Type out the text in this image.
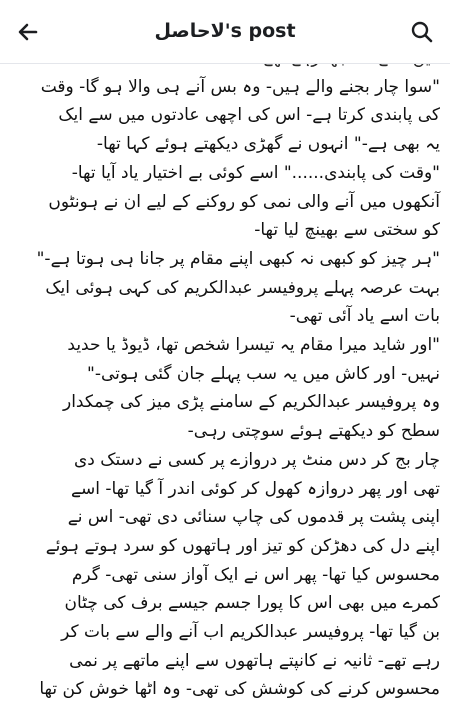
لاحاصل's post
"سوا چار بجنے والے ہیں- وہ بس آنے ہی والا ہو گا- وقت
کی پابندی کرتا ہے- اس کی اچھی عادتوں میں سے ایک
یہ بھی ہے-" انہوں نے گھڑی دیکھتے ہوئے کہا تھا-
"وقت کی پابندی......" اسے کوئی بے اختیار یاد آیا تھا-
آنکھوں میں آنے والی نمی کو روکنے کے لیے ان نے ہونٹوں
کو سختی سے بھینچ لیا تھا-
"ہر چیز کو کبھی نہ کبھی اپنے مقام پر جانا ہی ہوتا ہے-"
بہت عرصہ پہلے پروفیسر عبدالکریم کی کہی ہوئی ایک
بات اسے یاد آئی تھی-
"اور شاید میرا مقام یہ تیسرا شخص تھا، ڈیوڈ یا حدید
نہیں- اور کاش میں یہ سب پہلے جان گئی ہوتی-"
وہ پروفیسر عبدالکریم کے سامنے پڑی میز کی چمکدار
سطح کو دیکھتے ہوئے سوچتی رہی-
چار بج کر دس منٹ پر دروازے پر کسی نے دستک دی
تھی اور پھر دروازہ کھول کر کوئی اندر آ گیا تھا- اسے
اپنی پشت پر قدموں کی چاپ سنائی دی تھی- اس نے
اپنے دل کی دھڑکن کو تیز اور ہاتھوں کو سرد ہوتے ہوئے
محسوس کیا تھا- پھر اس نے ایک آواز سنی تھی- گرم
کمرے میں بھی اس کا پورا جسم جیسے برف کی چٹان
بن گیا تھا- پروفیسر عبدالکریم اب آنے والے سے بات کر
رہے تھے- ثانیہ نے کانپتے ہاتھوں سے اپنے ماتھے پر نمی
محسوس کرنے کی کوشش کی تھی- وہ اٹھا خوش کن تھا
